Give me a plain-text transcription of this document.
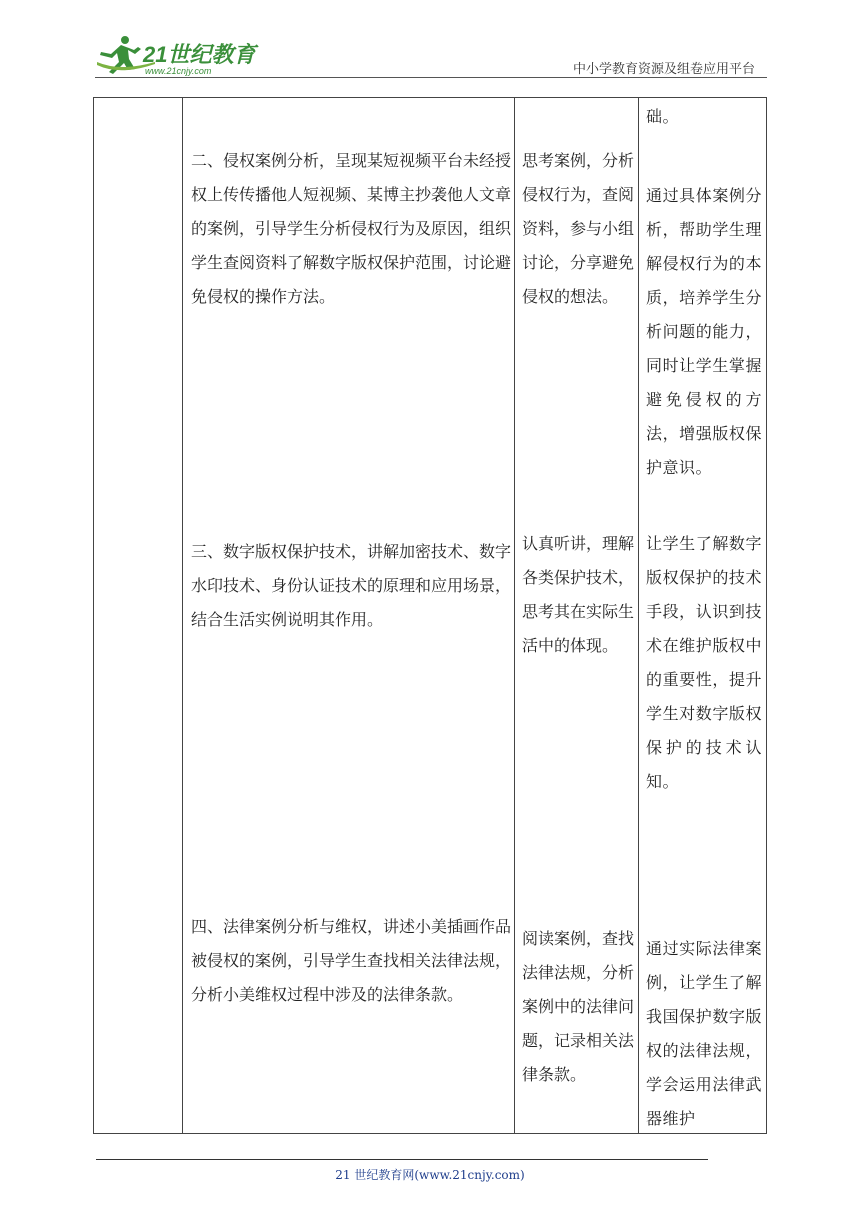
21世纪教育
www.21cnjy.com	中小学教育资源及组卷应用平台
础。
二、侵权案例分析，呈现某短视频平台未经授权上传传播他人短视频、某博主抄袭他人文章的案例，引导学生分析侵权行为及原因，组织学生查阅资料了解数字版权保护范围，讨论避免侵权的操作方法。
思考案例，分析侵权行为，查阅资料，参与小组讨论，分享避免侵权的想法。
通过具体案例分析，帮助学生理解侵权行为的本质，培养学生分析问题的能力，同时让学生掌握避免侵权的方法，增强版权保护意识。
三、数字版权保护技术，讲解加密技术、数字水印技术、身份认证技术的原理和应用场景，结合生活实例说明其作用。
认真听讲，理解各类保护技术，思考其在实际生活中的体现。
让学生了解数字版权保护的技术手段，认识到技术在维护版权中的重要性，提升学生对数字版权保护的技术认知。
四、法律案例分析与维权，讲述小美插画作品被侵权的案例，引导学生查找相关法律法规，分析小美维权过程中涉及的法律条款。
阅读案例，查找法律法规，分析案例中的法律问题，记录相关法律条款。
通过实际法律案例，让学生了解我国保护数字版权的法律法规，学会运用法律武器维护
21 世纪教育网(www.21cnjy.com)
